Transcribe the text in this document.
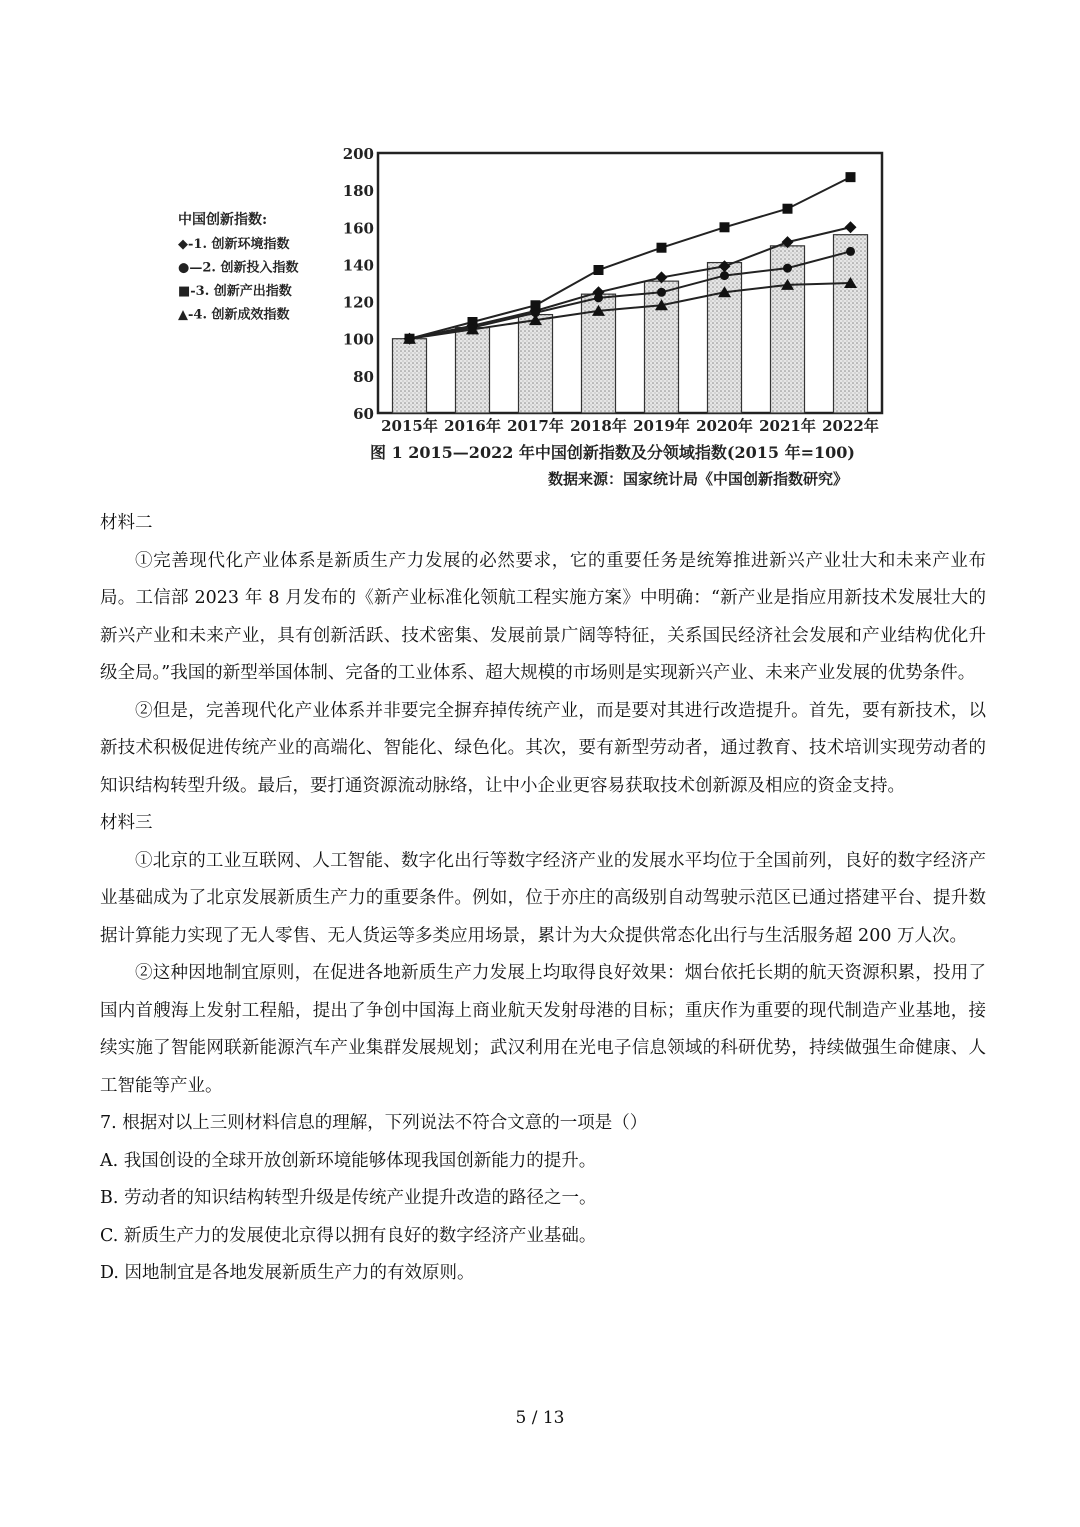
中国创新指数:
◆-1. 创新环境指数
●—2. 创新投入指数
■-3. 创新产出指数
▲-4. 创新成效指数
60
80
100
120
140
160
180
200
2015年 2016年 2017年 2018年 2019年 2020年 2021年 2022年
图 1 2015—2022 年中国创新指数及分领域指数(2015 年=100)
数据来源：国家统计局《中国创新指数研究》

材料二

①完善现代化产业体系是新质生产力发展的必然要求，它的重要任务是统筹推进新兴产业壮大和未来产业布局。工信部 2023 年 8 月发布的《新产业标准化领航工程实施方案》中明确：“新产业是指应用新技术发展壮大的新兴产业和未来产业，具有创新活跃、技术密集、发展前景广阔等特征，关系国民经济社会发展和产业结构优化升级全局。”我国的新型举国体制、完备的工业体系、超大规模的市场则是实现新兴产业、未来产业发展的优势条件。

②但是，完善现代化产业体系并非要完全摒弃掉传统产业，而是要对其进行改造提升。首先，要有新技术，以新技术积极促进传统产业的高端化、智能化、绿色化。其次，要有新型劳动者，通过教育、技术培训实现劳动者的知识结构转型升级。最后，要打通资源流动脉络，让中小企业更容易获取技术创新源及相应的资金支持。

材料三

①北京的工业互联网、人工智能、数字化出行等数字经济产业的发展水平均位于全国前列，良好的数字经济产业基础成为了北京发展新质生产力的重要条件。例如，位于亦庄的高级别自动驾驶示范区已通过搭建平台、提升数据计算能力实现了无人零售、无人货运等多类应用场景，累计为大众提供常态化出行与生活服务超 200 万人次。

②这种因地制宜原则，在促进各地新质生产力发展上均取得良好效果：烟台依托长期的航天资源积累，投用了国内首艘海上发射工程船，提出了争创中国海上商业航天发射母港的目标；重庆作为重要的现代制造产业基地，接续实施了智能网联新能源汽车产业集群发展规划；武汉利用在光电子信息领域的科研优势，持续做强生命健康、人工智能等产业。

7. 根据对以上三则材料信息的理解，下列说法不符合文意的一项是（）

A. 我国创设的全球开放创新环境能够体现我国创新能力的提升。

B. 劳动者的知识结构转型升级是传统产业提升改造的路径之一。

C. 新质生产力的发展使北京得以拥有良好的数字经济产业基础。

D. 因地制宜是各地发展新质生产力的有效原则。

5 / 13
